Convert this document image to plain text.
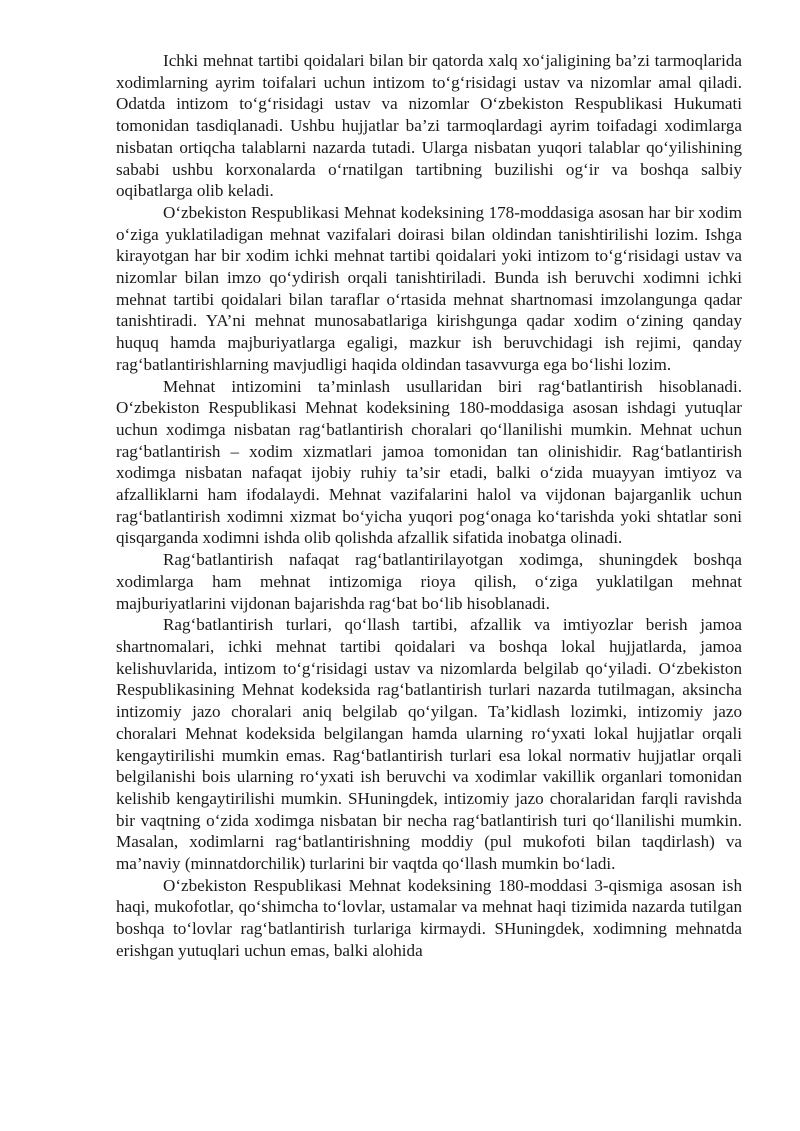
Ichki mehnat tartibi qoidalari bilan bir qatorda xalq xo‘jaligining ba’zi tarmoqlarida xodimlarning ayrim toifalari uchun intizom to‘g‘risidagi ustav va nizomlar amal qiladi. Odatda intizom to‘g‘risidagi ustav va nizomlar O‘zbekiston Respublikasi Hukumati tomonidan tasdiqlanadi. Ushbu hujjatlar ba’zi tarmoqlardagi ayrim toifadagi xodimlarga nisbatan ortiqcha talablarni nazarda tutadi. Ularga nisbatan yuqori talablar qo‘yilishining sababi ushbu korxonalarda o‘rnatilgan tartibning buzilishi og‘ir va boshqa salbiy oqibatlarga olib keladi.

O‘zbekiston Respublikasi Mehnat kodeksining 178-moddasiga asosan har bir xodim o‘ziga yuklatiladigan mehnat vazifalari doirasi bilan oldindan tanishtirilishi lozim. Ishga kirayotgan har bir xodim ichki mehnat tartibi qoidalari yoki intizom to‘g‘risidagi ustav va nizomlar bilan imzo qo‘ydirish orqali tanishtiriladi. Bunda ish beruvchi xodimni ichki mehnat tartibi qoidalari bilan taraflar o‘rtasida mehnat shartnomasi imzolangunga qadar tanishtiradi. YA’ni mehnat munosabatlariga kirishgunga qadar xodim o‘zining qanday huquq hamda majburiyatlarga egaligi, mazkur ish beruvchidagi ish rejimi, qanday rag‘batlantirishlarning mavjudligi haqida oldindan tasavvurga ega bo‘lishi lozim.

Mehnat intizomini ta’minlash usullaridan biri rag‘batlantirish hisoblanadi. O‘zbekiston Respublikasi Mehnat kodeksining 180-moddasiga asosan ishdagi yutuqlar uchun xodimga nisbatan rag‘batlantirish choralari qo‘llanilishi mumkin. Mehnat uchun rag‘batlantirish – xodim xizmatlari jamoa tomonidan tan olinishidir. Rag‘batlantirish xodimga nisbatan nafaqat ijobiy ruhiy ta’sir etadi, balki o‘zida muayyan imtiyoz va afzalliklarni ham ifodalaydi. Mehnat vazifalarini halol va vijdonan bajarganlik uchun rag‘batlantirish xodimni xizmat bo‘yicha yuqori pog‘onaga ko‘tarishda yoki shtatlar soni qisqarganda xodimni ishda olib qolishda afzallik sifatida inobatga olinadi.

Rag‘batlantirish nafaqat rag‘batlantirilayotgan xodimga, shuningdek boshqa xodimlarga ham mehnat intizomiga rioya qilish, o‘ziga yuklatilgan mehnat majburiyatlarini vijdonan bajarishda rag‘bat bo‘lib hisoblanadi.

Rag‘batlantirish turlari, qo‘llash tartibi, afzallik va imtiyozlar berish jamoa shartnomalari, ichki mehnat tartibi qoidalari va boshqa lokal hujjatlarda, jamoa kelishuvlarida, intizom to‘g‘risidagi ustav va nizomlarda belgilab qo‘yiladi. O‘zbekiston Respublikasining Mehnat kodeksida rag‘batlantirish turlari nazarda tutilmagan, aksincha intizomiy jazo choralari aniq belgilab qo‘yilgan. Ta’kidlash lozimki, intizomiy jazo choralari Mehnat kodeksida belgilangan hamda ularning ro‘yxati lokal hujjatlar orqali kengaytirilishi mumkin emas. Rag‘batlantirish turlari esa lokal normativ hujjatlar orqali belgilanishi bois ularning ro‘yxati ish beruvchi va xodimlar vakillik organlari tomonidan kelishib kengaytirilishi mumkin. SHuningdek, intizomiy jazo choralaridan farqli ravishda bir vaqtning o‘zida xodimga nisbatan bir necha rag‘batlantirish turi qo‘llanilishi mumkin. Masalan, xodimlarni rag‘batlantirishning moddiy (pul mukofoti bilan taqdirlash) va ma’naviy (minnatdorchilik) turlarini bir vaqtda qo‘llash mumkin bo‘ladi.

O‘zbekiston Respublikasi Mehnat kodeksining 180-moddasi 3-qismiga asosan ish haqi, mukofotlar, qo‘shimcha to‘lovlar, ustamalar va mehnat haqi tizimida nazarda tutilgan boshqa to‘lovlar rag‘batlantirish turlariga kirmaydi. SHuningdek, xodimning mehnatda erishgan yutuqlari uchun emas, balki alohida
